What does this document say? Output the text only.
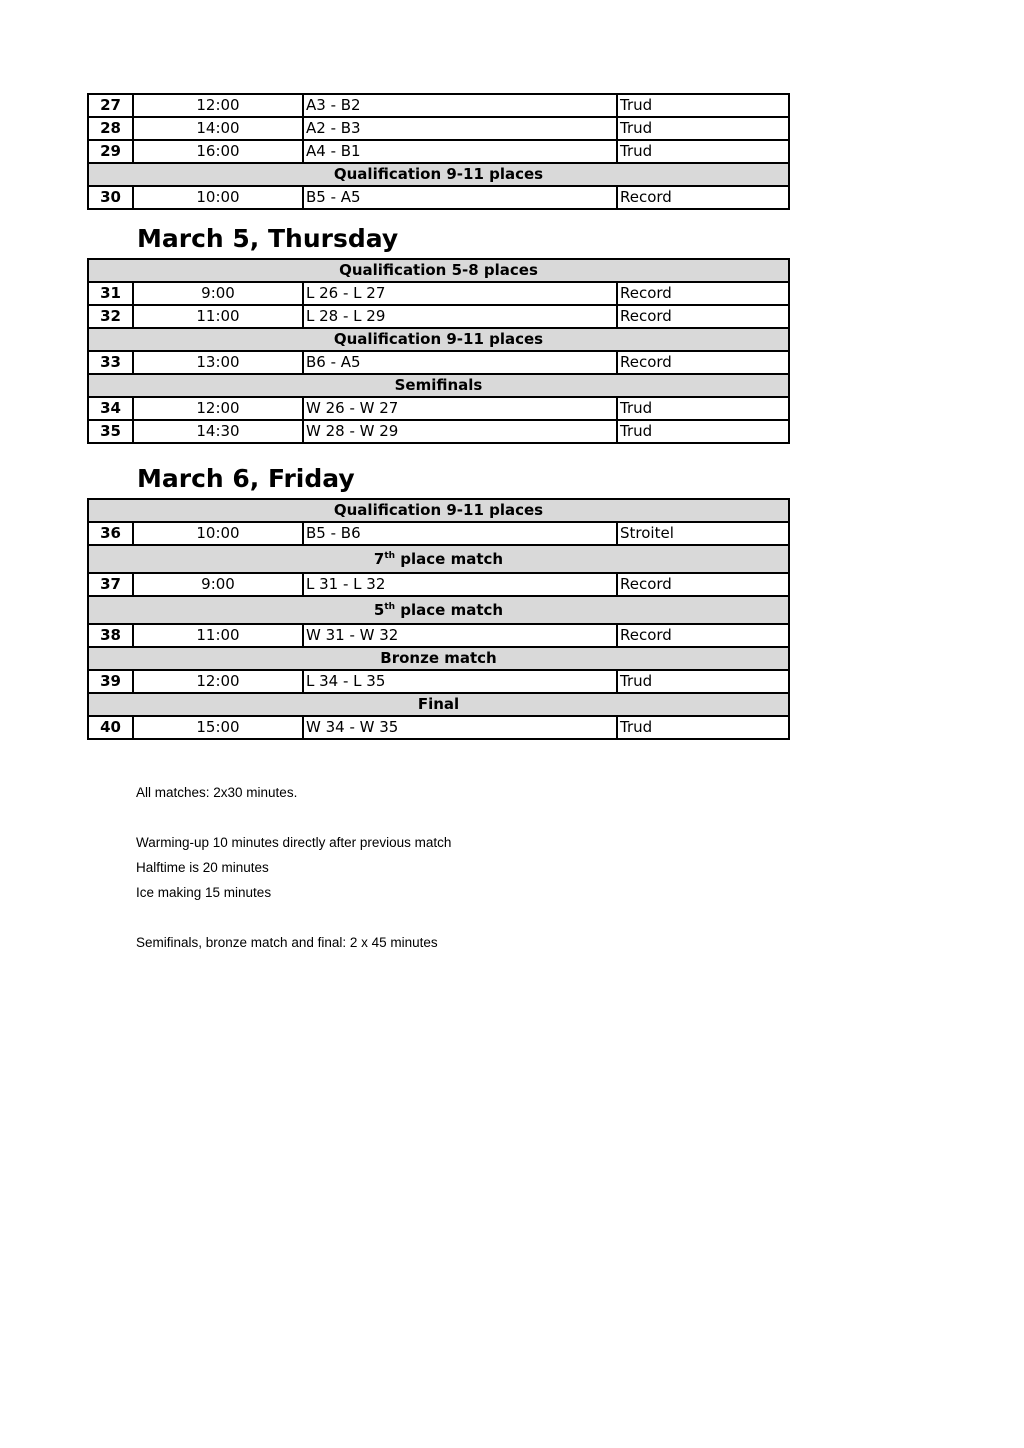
27	12:00	A3 - B2	Trud
28	14:00	A2 - B3	Trud
29	16:00	A4 - B1	Trud
Qualification 9-11 places			
30	10:00	B5 - A5	Record
March 5, Thursday
Qualification 5-8 places			
31	9:00	L 26 - L 27	Record
32	11:00	L 28 - L 29	Record
Qualification 9-11 places			
33	13:00	B6 - A5	Record
Semifinals			
34	12:00	W 26 - W 27	Trud
35	14:30	W 28 - W 29	Trud
March 6, Friday
Qualification 9-11 places			
36	10:00	B5 - B6	Stroitel
7th place match			
37	9:00	L 31 - L 32	Record
5th place match			
38	11:00	W 31 - W 32	Record
Bronze match			
39	12:00	L 34 - L 35	Trud
Final			
40	15:00	W 34 - W 35	Trud

All matches: 2x30 minutes.

Warming-up 10 minutes directly after previous match

Halftime is 20 minutes

Ice making 15 minutes

Semifinals, bronze match and final: 2 x 45 minutes
